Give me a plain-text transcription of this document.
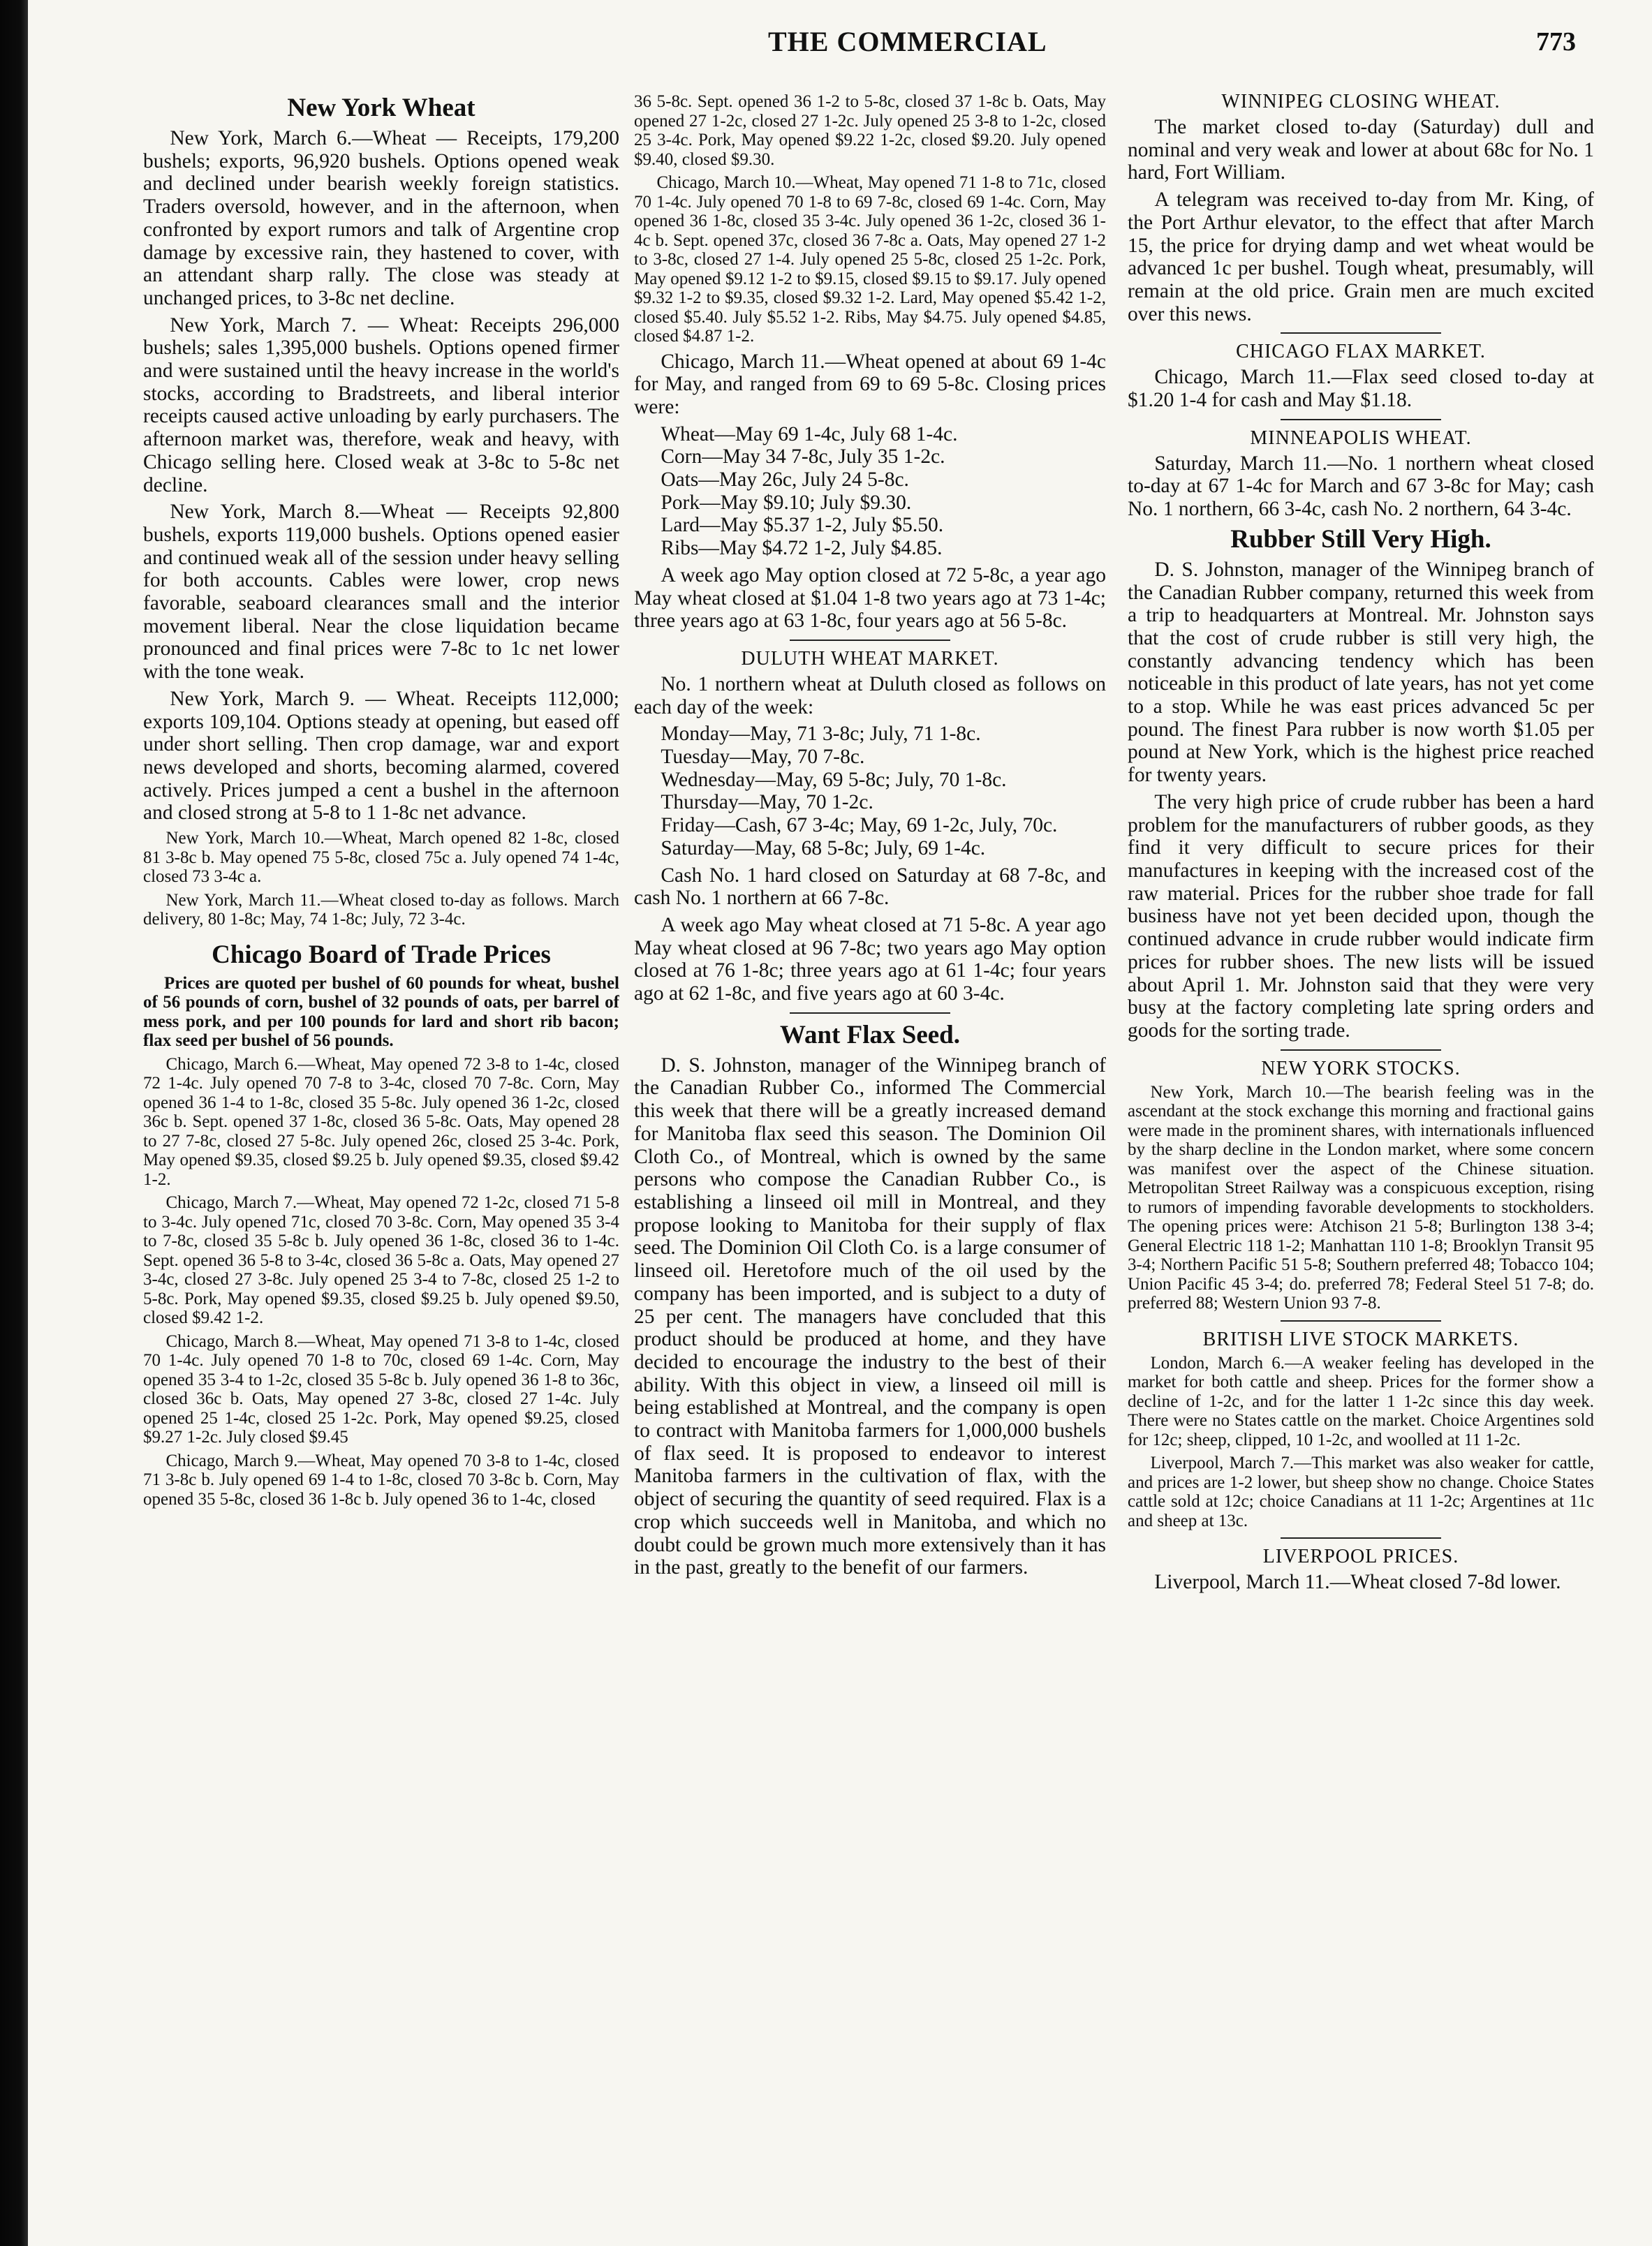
THE COMMERCIAL	773
New York Wheat

New York, March 6.—Wheat — Receipts, 179,200 bushels; exports, 96,920 bushels. Options opened weak and declined under bearish weekly foreign statistics. Traders oversold, however, and in the afternoon, when confronted by export rumors and talk of Argentine crop damage by excessive rain, they hastened to cover, with an attendant sharp rally. The close was steady at unchanged prices, to 3-8c net decline.

New York, March 7. — Wheat: Receipts 296,000 bushels; sales 1,395,000 bushels. Options opened firmer and were sustained until the heavy increase in the world's stocks, according to Bradstreets, and liberal interior receipts caused active unloading by early purchasers. The afternoon market was, therefore, weak and heavy, with Chicago selling here. Closed weak at 3-8c to 5-8c net decline.

New York, March 8.—Wheat — Receipts 92,800 bushels, exports 119,000 bushels. Options opened easier and continued weak all of the session under heavy selling for both accounts. Cables were lower, crop news favorable, seaboard clearances small and the interior movement liberal. Near the close liquidation became pronounced and final prices were 7-8c to 1c net lower with the tone weak.

New York, March 9. — Wheat. Receipts 112,000; exports 109,104. Options steady at opening, but eased off under short selling. Then crop damage, war and export news developed and shorts, becoming alarmed, covered actively. Prices jumped a cent a bushel in the afternoon and closed strong at 5-8 to 1 1-8c net advance.

New York, March 10.—Wheat, March opened 82 1-8c, closed 81 3-8c b. May opened 75 5-8c, closed 75c a. July opened 74 1-4c, closed 73 3-4c a.

New York, March 11.—Wheat closed to-day as follows. March delivery, 80 1-8c; May, 74 1-8c; July, 72 3-4c.

Chicago Board of Trade Prices

Prices are quoted per bushel of 60 pounds for wheat, bushel of 56 pounds of corn, bushel of 32 pounds of oats, per barrel of mess pork, and per 100 pounds for lard and short rib bacon; flax seed per bushel of 56 pounds.

Chicago, March 6.—Wheat, May opened 72 3-8 to 1-4c, closed 72 1-4c. July opened 70 7-8 to 3-4c, closed 70 7-8c. Corn, May opened 36 1-4 to 1-8c, closed 35 5-8c. July opened 36 1-2c, closed 36c b. Sept. opened 37 1-8c, closed 36 5-8c. Oats, May opened 28 to 27 7-8c, closed 27 5-8c. July opened 26c, closed 25 3-4c. Pork, May opened $9.35, closed $9.25 b. July opened $9.35, closed $9.42 1-2.

Chicago, March 7.—Wheat, May opened 72 1-2c, closed 71 5-8 to 3-4c. July opened 71c, closed 70 3-8c. Corn, May opened 35 3-4 to 7-8c, closed 35 5-8c b. July opened 36 1-8c, closed 36 to 1-4c. Sept. opened 36 5-8 to 3-4c, closed 36 5-8c a. Oats, May opened 27 3-4c, closed 27 3-8c. July opened 25 3-4 to 7-8c, closed 25 1-2 to 5-8c. Pork, May opened $9.35, closed $9.25 b. July opened $9.50, closed $9.42 1-2.

Chicago, March 8.—Wheat, May opened 71 3-8 to 1-4c, closed 70 1-4c. July opened 70 1-8 to 70c, closed 69 1-4c. Corn, May opened 35 3-4 to 1-2c, closed 35 5-8c b. July opened 36 1-8 to 36c, closed 36c b. Oats, May opened 27 3-8c, closed 27 1-4c. July opened 25 1-4c, closed 25 1-2c. Pork, May opened $9.25, closed $9.27 1-2c. July closed $9.45

Chicago, March 9.—Wheat, May opened 70 3-8 to 1-4c, closed 71 3-8c b. July opened 69 1-4 to 1-8c, closed 70 3-8c b. Corn, May opened 35 5-8c, closed 36 1-8c b. July opened 36 to 1-4c, closed

36 5-8c. Sept. opened 36 1-2 to 5-8c, closed 37 1-8c b. Oats, May opened 27 1-2c, closed 27 1-2c. July opened 25 3-8 to 1-2c, closed 25 3-4c. Pork, May opened $9.22 1-2c, closed $9.20. July opened $9.40, closed $9.30.

Chicago, March 10.—Wheat, May opened 71 1-8 to 71c, closed 70 1-4c. July opened 70 1-8 to 69 7-8c, closed 69 1-4c. Corn, May opened 36 1-8c, closed 35 3-4c. July opened 36 1-2c, closed 36 1-4c b. Sept. opened 37c, closed 36 7-8c a. Oats, May opened 27 1-2 to 3-8c, closed 27 1-4. July opened 25 5-8c, closed 25 1-2c. Pork, May opened $9.12 1-2 to $9.15, closed $9.15 to $9.17. July opened $9.32 1-2 to $9.35, closed $9.32 1-2. Lard, May opened $5.42 1-2, closed $5.40. July $5.52 1-2. Ribs, May $4.75. July opened $4.85, closed $4.87 1-2.

Chicago, March 11.—Wheat opened at about 69 1-4c for May, and ranged from 69 to 69 5-8c. Closing prices were:

Wheat—May 69 1-4c, July 68 1-4c.
Corn—May 34 7-8c, July 35 1-2c.
Oats—May 26c, July 24 5-8c.
Pork—May $9.10; July $9.30.
Lard—May $5.37 1-2, July $5.50.
Ribs—May $4.72 1-2, July $4.85.

A week ago May option closed at 72 5-8c, a year ago May wheat closed at $1.04 1-8 two years ago at 73 1-4c; three years ago at 63 1-8c, four years ago at 56 5-8c.

DULUTH WHEAT MARKET.

No. 1 northern wheat at Duluth closed as follows on each day of the week:

Monday—May, 71 3-8c; July, 71 1-8c.
Tuesday—May, 70 7-8c.
Wednesday—May, 69 5-8c; July, 70 1-8c.
Thursday—May, 70 1-2c.
Friday—Cash, 67 3-4c; May, 69 1-2c, July, 70c.
Saturday—May, 68 5-8c; July, 69 1-4c.

Cash No. 1 hard closed on Saturday at 68 7-8c, and cash No. 1 northern at 66 7-8c.

A week ago May wheat closed at 71 5-8c. A year ago May wheat closed at 96 7-8c; two years ago May option closed at 76 1-8c; three years ago at 61 1-4c; four years ago at 62 1-8c, and five years ago at 60 3-4c.

Want Flax Seed.

D. S. Johnston, manager of the Winnipeg branch of the Canadian Rubber Co., informed The Commercial this week that there will be a greatly increased demand for Manitoba flax seed this season. The Dominion Oil Cloth Co., of Montreal, which is owned by the same persons who compose the Canadian Rubber Co., is establishing a linseed oil mill in Montreal, and they propose looking to Manitoba for their supply of flax seed. The Dominion Oil Cloth Co. is a large consumer of linseed oil. Heretofore much of the oil used by the company has been imported, and is subject to a duty of 25 per cent. The managers have concluded that this product should be produced at home, and they have decided to encourage the industry to the best of their ability. With this object in view, a linseed oil mill is being established at Montreal, and the company is open to contract with Manitoba farmers for 1,000,000 bushels of flax seed. It is proposed to endeavor to interest Manitoba farmers in the cultivation of flax, with the object of securing the quantity of seed required. Flax is a crop which succeeds well in Manitoba, and which no doubt could be grown much more extensively than it has in the past, greatly to the benefit of our farmers.

WINNIPEG CLOSING WHEAT.

The market closed to-day (Saturday) dull and nominal and very weak and lower at about 68c for No. 1 hard, Fort William.

A telegram was received to-day from Mr. King, of the Port Arthur elevator, to the effect that after March 15, the price for drying damp and wet wheat would be advanced 1c per bushel. Tough wheat, presumably, will remain at the old price. Grain men are much excited over this news.

CHICAGO FLAX MARKET.

Chicago, March 11.—Flax seed closed to-day at $1.20 1-4 for cash and May $1.18.

MINNEAPOLIS WHEAT.

Saturday, March 11.—No. 1 northern wheat closed to-day at 67 1-4c for March and 67 3-8c for May; cash No. 1 northern, 66 3-4c, cash No. 2 northern, 64 3-4c.

Rubber Still Very High.

D. S. Johnston, manager of the Winnipeg branch of the Canadian Rubber company, returned this week from a trip to headquarters at Montreal. Mr. Johnston says that the cost of crude rubber is still very high, the constantly advancing tendency which has been noticeable in this product of late years, has not yet come to a stop. While he was east prices advanced 5c per pound. The finest Para rubber is now worth $1.05 per pound at New York, which is the highest price reached for twenty years.

The very high price of crude rubber has been a hard problem for the manufacturers of rubber goods, as they find it very difficult to secure prices for their manufactures in keeping with the increased cost of the raw material. Prices for the rubber shoe trade for fall business have not yet been decided upon, though the continued advance in crude rubber would indicate firm prices for rubber shoes. The new lists will be issued about April 1. Mr. Johnston said that they were very busy at the factory completing late spring orders and goods for the sorting trade.

NEW YORK STOCKS.

New York, March 10.—The bearish feeling was in the ascendant at the stock exchange this morning and fractional gains were made in the prominent shares, with internationals influenced by the sharp decline in the London market, where some concern was manifest over the aspect of the Chinese situation. Metropolitan Street Railway was a conspicuous exception, rising to rumors of impending favorable developments to stockholders. The opening prices were: Atchison 21 5-8; Burlington 138 3-4; General Electric 118 1-2; Manhattan 110 1-8; Brooklyn Transit 95 3-4; Northern Pacific 51 5-8; Southern preferred 48; Tobacco 104; Union Pacific 45 3-4; do. preferred 78; Federal Steel 51 7-8; do. preferred 88; Western Union 93 7-8.

BRITISH LIVE STOCK MARKETS.

London, March 6.—A weaker feeling has developed in the market for both cattle and sheep. Prices for the former show a decline of 1-2c, and for the latter 1 1-2c since this day week. There were no States cattle on the market. Choice Argentines sold for 12c; sheep, clipped, 10 1-2c, and woolled at 11 1-2c.

Liverpool, March 7.—This market was also weaker for cattle, and prices are 1-2 lower, but sheep show no change. Choice States cattle sold at 12c; choice Canadians at 11 1-2c; Argentines at 11c and sheep at 13c.

LIVERPOOL PRICES.

Liverpool, March 11.—Wheat closed 7-8d lower.
